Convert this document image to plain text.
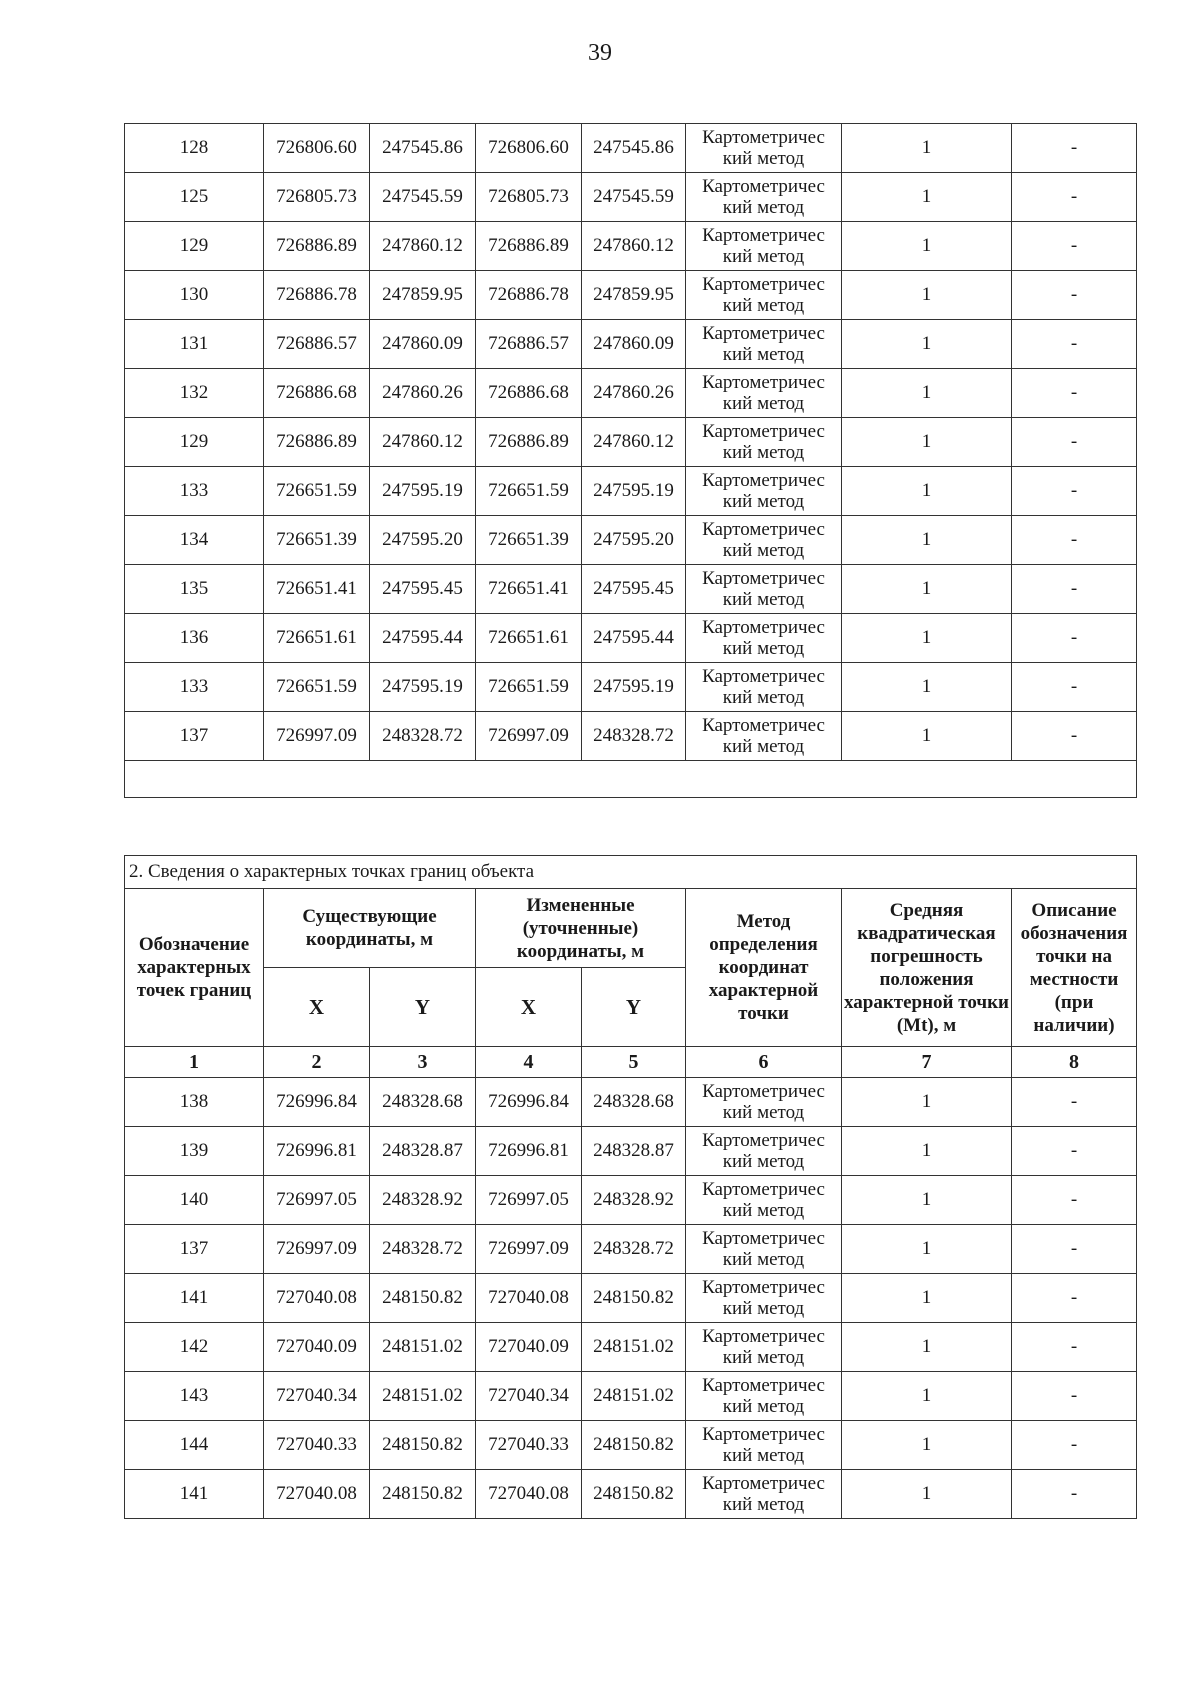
39
128	726806.60	247545.86	726806.60	247545.86	Картометричес кий метод	1	-
125	726805.73	247545.59	726805.73	247545.59	Картометричес кий метод	1	-
129	726886.89	247860.12	726886.89	247860.12	Картометричес кий метод	1	-
130	726886.78	247859.95	726886.78	247859.95	Картометричес кий метод	1	-
131	726886.57	247860.09	726886.57	247860.09	Картометричес кий метод	1	-
132	726886.68	247860.26	726886.68	247860.26	Картометричес кий метод	1	-
129	726886.89	247860.12	726886.89	247860.12	Картометричес кий метод	1	-
133	726651.59	247595.19	726651.59	247595.19	Картометричес кий метод	1	-
134	726651.39	247595.20	726651.39	247595.20	Картометричес кий метод	1	-
135	726651.41	247595.45	726651.41	247595.45	Картометричес кий метод	1	-
136	726651.61	247595.44	726651.61	247595.44	Картометричес кий метод	1	-
133	726651.59	247595.19	726651.59	247595.19	Картометричес кий метод	1	-
137	726997.09	248328.72	726997.09	248328.72	Картометричес кий метод	1	-

2. Сведения о характерных точках границ объекта							
Обозначение характерных точек границ	Существующие координаты, м		Измененные (уточненные) координаты, м		Метод определения координат характерной точки	Средняя квадратическая погрешность положения характерной точки (Mt), м	Описание обозначения точки на местности (при наличии)
	X	Y	X	Y			
1	2	3	4	5	6	7	8
138	726996.84	248328.68	726996.84	248328.68	Картометричес кий метод	1	-
139	726996.81	248328.87	726996.81	248328.87	Картометричес кий метод	1	-
140	726997.05	248328.92	726997.05	248328.92	Картометричес кий метод	1	-
137	726997.09	248328.72	726997.09	248328.72	Картометричес кий метод	1	-
141	727040.08	248150.82	727040.08	248150.82	Картометричес кий метод	1	-
142	727040.09	248151.02	727040.09	248151.02	Картометричес кий метод	1	-
143	727040.34	248151.02	727040.34	248151.02	Картометричес кий метод	1	-
144	727040.33	248150.82	727040.33	248150.82	Картометричес кий метод	1	-
141	727040.08	248150.82	727040.08	248150.82	Картометричес кий метод	1	-
